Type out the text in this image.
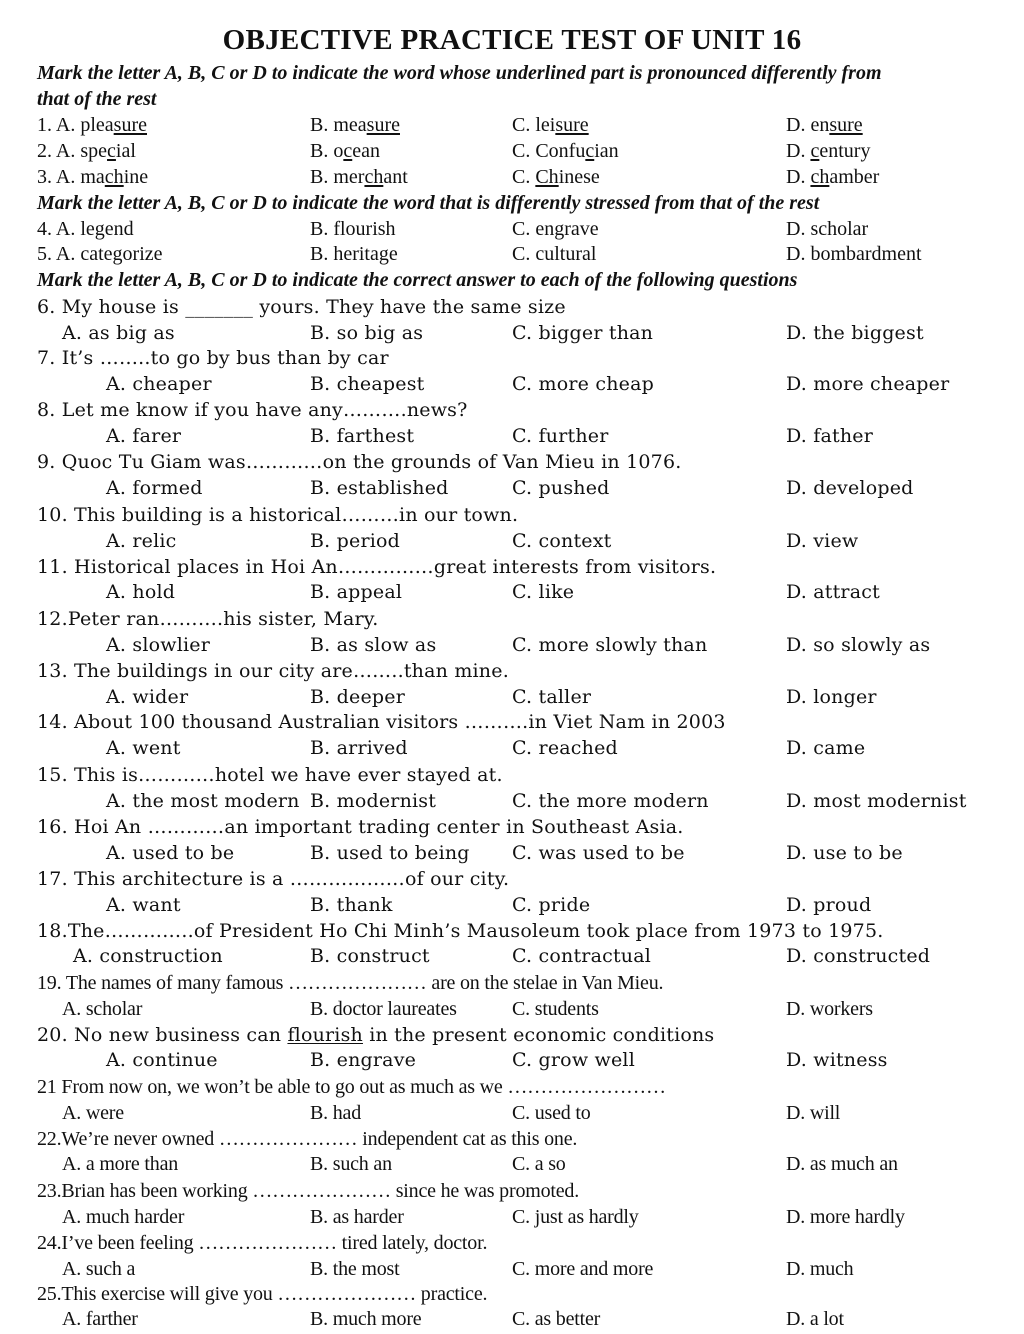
OBJECTIVE PRACTICE TEST OF UNIT 16
Mark the letter A, B, C or D to indicate the word whose underlined part is pronounced differently from
that of the rest
1. A. pleasure	B. measure	C. leisure	D. ensure
2. A. special	B. ocean	C. Confucian	D. century
3. A. machine	B. merchant	C. Chinese	D. chamber
Mark the letter A, B, C or D to indicate the word that is differently stressed from that of the rest
4. A. legend	B. flourish	C. engrave	D. scholar
5. A. categorize	B. heritage	C. cultural	D. bombardment
Mark the letter A, B, C or D to indicate the correct answer to each of the following questions
6. My house is _______ yours. They have the same size
A. as big as	B. so big as	C. bigger than	D. the biggest
7. It’s ……..to go by bus than by car
A. cheaper	B. cheapest	C. more cheap	D. more cheaper
8. Let me know if you have any……….news?
A. farer	B. farthest	C. further	D. father
9. Quoc Tu Giam was…………on the grounds of Van Mieu in 1076.
A. formed	B. established	C. pushed	D. developed
10. This building is a historical………in our town.
A. relic	B. period	C. context	D. view
11. Historical places in Hoi An……………great interests from visitors.
A. hold	B. appeal	C. like	D. attract
12.Peter ran……….his sister, Mary.
A. slowlier	B. as slow as	C. more slowly than	D. so slowly as
13. The buildings in our city are……..than mine.
A. wider	B. deeper	C. taller	D. longer
14. About 100 thousand Australian visitors ……….in Viet Nam in 2003
A. went	B. arrived	C. reached	D. came
15. This is…………hotel we have ever stayed at.
A. the most modern B. modernist	C. the more modern	D. most modernist
16. Hoi An …………an important trading center in Southeast Asia.
A. used to be	B. used to being C. was used to be	D. use to be
17. This architecture is a ………………of our city.
A. want	B. thank	C. pride	D. proud
18.The…………..of President Ho Chi Minh’s Mausoleum took place from 1973 to 1975.
A. construction	B. construct	C. contractual	D. constructed
19. The names of many famous ………………… are on the stelae in Van Mieu.
A. scholar	B. doctor laureates	C. students	D. workers
20. No new business can flourish in the present economic conditions
A. continue	B. engrave	C. grow well	D. witness
21 From now on, we won’t be able to go out as much as we ……………………
A. were	B. had	C. used to	D. will
22.We’re never owned ………………… independent cat as this one.
A. a more than	B. such an	C. a so	D. as much an
23.Brian has been working ………………… since he was promoted.
A. much harder	B. as harder	C. just as hardly	D. more hardly
24.I’ve been feeling ………………… tired lately, doctor.
A. such a	B. the most	C. more and more	D. much
25.This exercise will give you ………………… practice.
A. farther	B. much more	C. as better	D. a lot
